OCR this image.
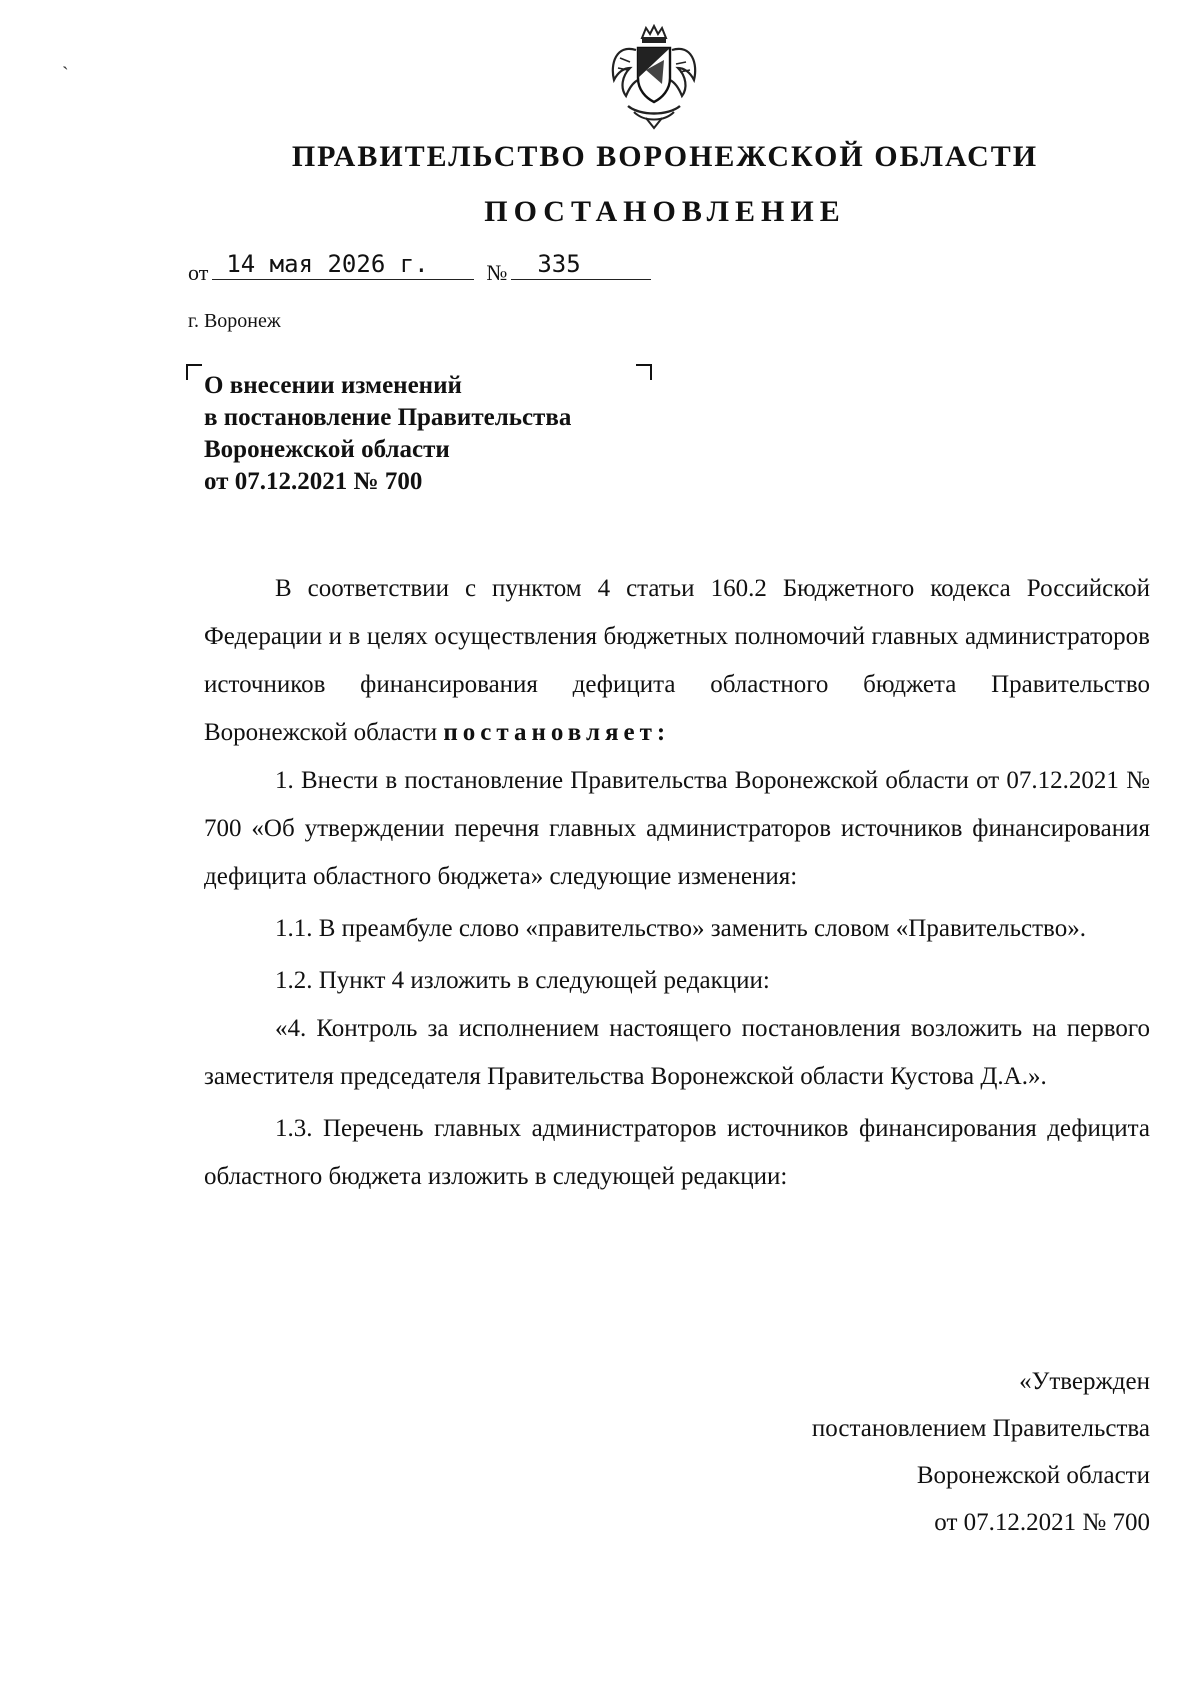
ˏ
ПРАВИТЕЛЬСТВО ВОРОНЕЖСКОЙ ОБЛАСТИ
ПОСТАНОВЛЕНИЕ
от 14 мая 2026 г.	№ 335
г. Воронеж
О внесении изменений
в постановление Правительства
Воронежской области
от 07.12.2021 № 700

В соответствии с пунктом 4 статьи 160.2 Бюджетного кодекса Российской Федерации и в целях осуществления бюджетных полномочий главных администраторов источников финансирования дефицита областного бюджета Правительство Воронежской области постановляет:

1. Внести в постановление Правительства Воронежской области от 07.12.2021 № 700 «Об утверждении перечня главных администраторов источников финансирования дефицита областного бюджета» следующие изменения:

1.1. В преамбуле слово «правительство» заменить словом «Правительство».

1.2. Пункт 4 изложить в следующей редакции:

«4. Контроль за исполнением настоящего постановления возложить на первого заместителя председателя Правительства Воронежской области Кустова Д.А.».

1.3. Перечень главных администраторов источников финансирования дефицита областного бюджета изложить в следующей редакции:

«Утвержден
постановлением Правительства
Воронежской области
от 07.12.2021 № 700
